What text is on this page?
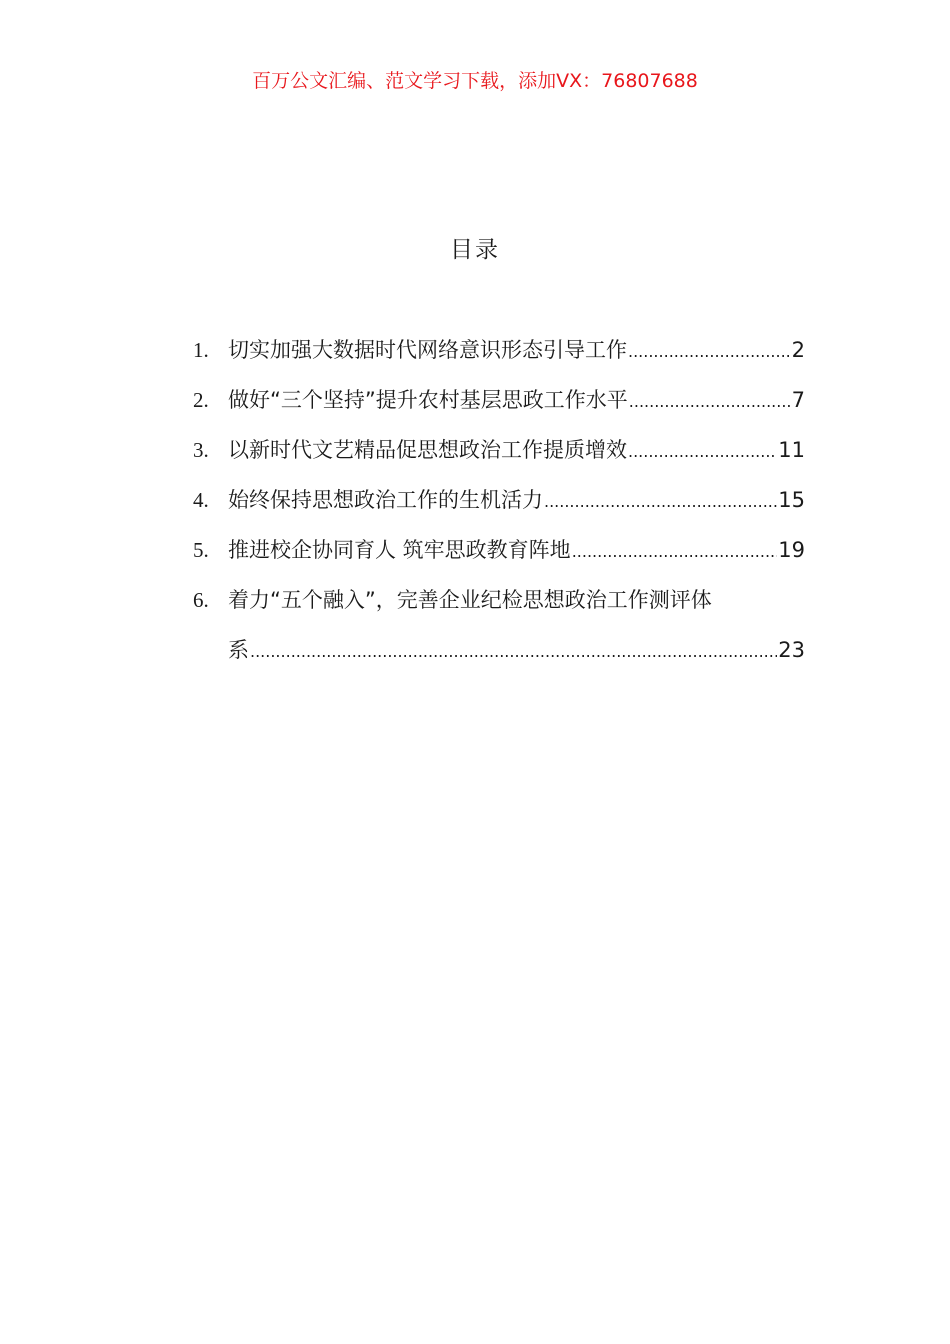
百万公文汇编、范文学习下载，添加VX：76807688
目录
1. 切实加强大数据时代网络意识形态引导工作 .....	2
2. 做好“三个坚持”提升农村基层思政工作水平 .....	7
3. 以新时代文艺精品促思想政治工作提质增效 .....	11
4. 始终保持思想政治工作的生机活力 .....	15
5. 推进校企协同育人 筑牢思政教育阵地 .....	19
6. 着力“五个融入”，完善企业纪检思想政治工作测评体
系 .....	23
